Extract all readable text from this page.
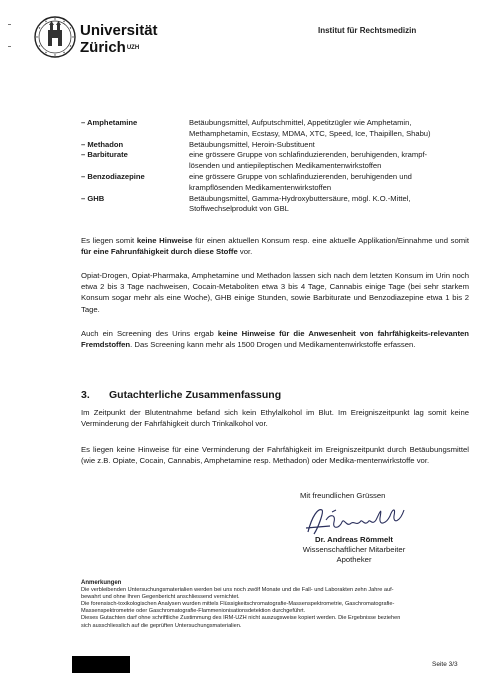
Universität
Zürich$^{UZH}$
Institut für Rechtsmedizin
– Amphetamine	Betäubungsmittel, Aufputschmittel, Appetitzügler wie Amphetamin,
Methamphetamin, Ecstasy, MDMA, XTC, Speed, Ice, Thaipillen, Shabu)

– Methadon	Betäubungsmittel, Heroin-Substituent

– Barbiturate	eine grössere Gruppe von schlafinduzierenden, beruhigenden, krampf-
lösenden und antiepileptischen Medikamentenwirkstoffen

– Benzodiazepine	eine grössere Gruppe von schlafinduzierenden, beruhigenden und
krampflösenden Medikamentenwirkstoffen

– GHB	Betäubungsmittel, Gamma-Hydroxybuttersäure, mögl. K.O.-Mittel,
Stoffwechselprodukt von GBL

Es liegen somit keine Hinweise für einen aktuellen Konsum resp. eine aktuelle Applikation/Einnahme und somit für eine Fahrunfähigkeit durch diese Stoffe vor.

Opiat-Drogen, Opiat-Pharmaka, Amphetamine und Methadon lassen sich nach dem letzten Konsum im Urin noch etwa 2 bis 3 Tage nachweisen, Cocain-Metaboliten etwa 3 bis 4 Tage, Cannabis einige Tage (bei sehr starkem Konsum sogar mehr als eine Woche), GHB einige Stunden, sowie Barbiturate und Benzodiazepine etwa 1 bis 2 Tage.

Auch ein Screening des Urins ergab keine Hinweise für die Anwesenheit von fahrfähigkeits-relevanten Fremdstoffen. Das Screening kann mehr als 1500 Drogen und Medikamentenwirkstoffe erfassen.

3. Gutachterliche Zusammenfassung

Im Zeitpunkt der Blutentnahme befand sich kein Ethylalkohol im Blut. Im Ereigniszeitpunkt lag somit keine Verminderung der Fahrfähigkeit durch Trinkalkohol vor.

Es liegen keine Hinweise für eine Verminderung der Fahrfähigkeit im Ereigniszeitpunkt durch Betäubungsmittel (wie z.B. Opiate, Cocain, Cannabis, Amphetamine resp. Methadon) oder Medika-mentenwirkstoffe vor.

Mit freundlichen Grüssen
Dr. Andreas Römmelt
Wissenschaftlicher Mitarbeiter
Apotheker
Anmerkungen
Die verbleibenden Untersuchungsmaterialien werden bei uns noch zwölf Monate und die Fall- und Laborakten zehn Jahre auf-
bewahrt und ohne Ihren Gegenbericht anschliessend vernichtet.
Die forensisch-toxikologischen Analysen wurden mittels Flüssigkeitschromatografie-Massenspektrometrie, Gaschromatografie-
Massenspektrometrie oder Gaschromatografie-Flammenionisationsdetektion durchgeführt.
Dieses Gutachten darf ohne schriftliche Zustimmung des IRM-UZH nicht auszugsweise kopiert werden. Die Ergebnisse beziehen
sich ausschliesslich auf die geprüften Untersuchungsmaterialien.
Seite 3/3
